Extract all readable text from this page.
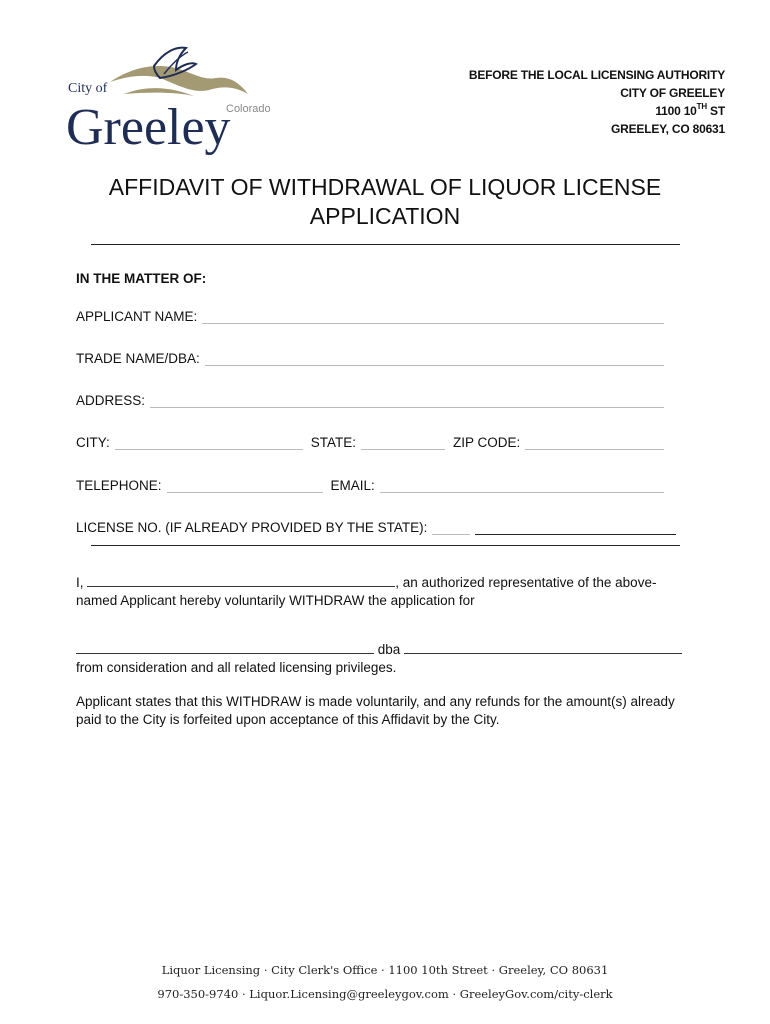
City of
Colorado
Greeley
BEFORE THE LOCAL LICENSING AUTHORITY
CITY OF GREELEY
1100 10TH ST
GREELEY, CO 80631
AFFIDAVIT OF WITHDRAWAL OF LIQUOR LICENSE
APPLICATION
IN THE MATTER OF:
APPLICANT NAME:
TRADE NAME/DBA:
ADDRESS:
CITY:	STATE:	ZIP CODE:
TELEPHONE:	EMAIL:
LICENSE NO. (IF ALREADY PROVIDED BY THE STATE):
I,	, an authorized representative of the above-
named Applicant hereby voluntarily WITHDRAW the application for
dba
from consideration and all related licensing privileges.
Applicant states that this WITHDRAW is made voluntarily, and any refunds for the amount(s) already paid to the City is forfeited upon acceptance of this Affidavit by the City.
Liquor Licensing · City Clerk's Office · 1100 10th Street · Greeley, CO 80631
970-350-9740 · Liquor.Licensing@greeleygov.com · GreeleyGov.com/city-clerk
